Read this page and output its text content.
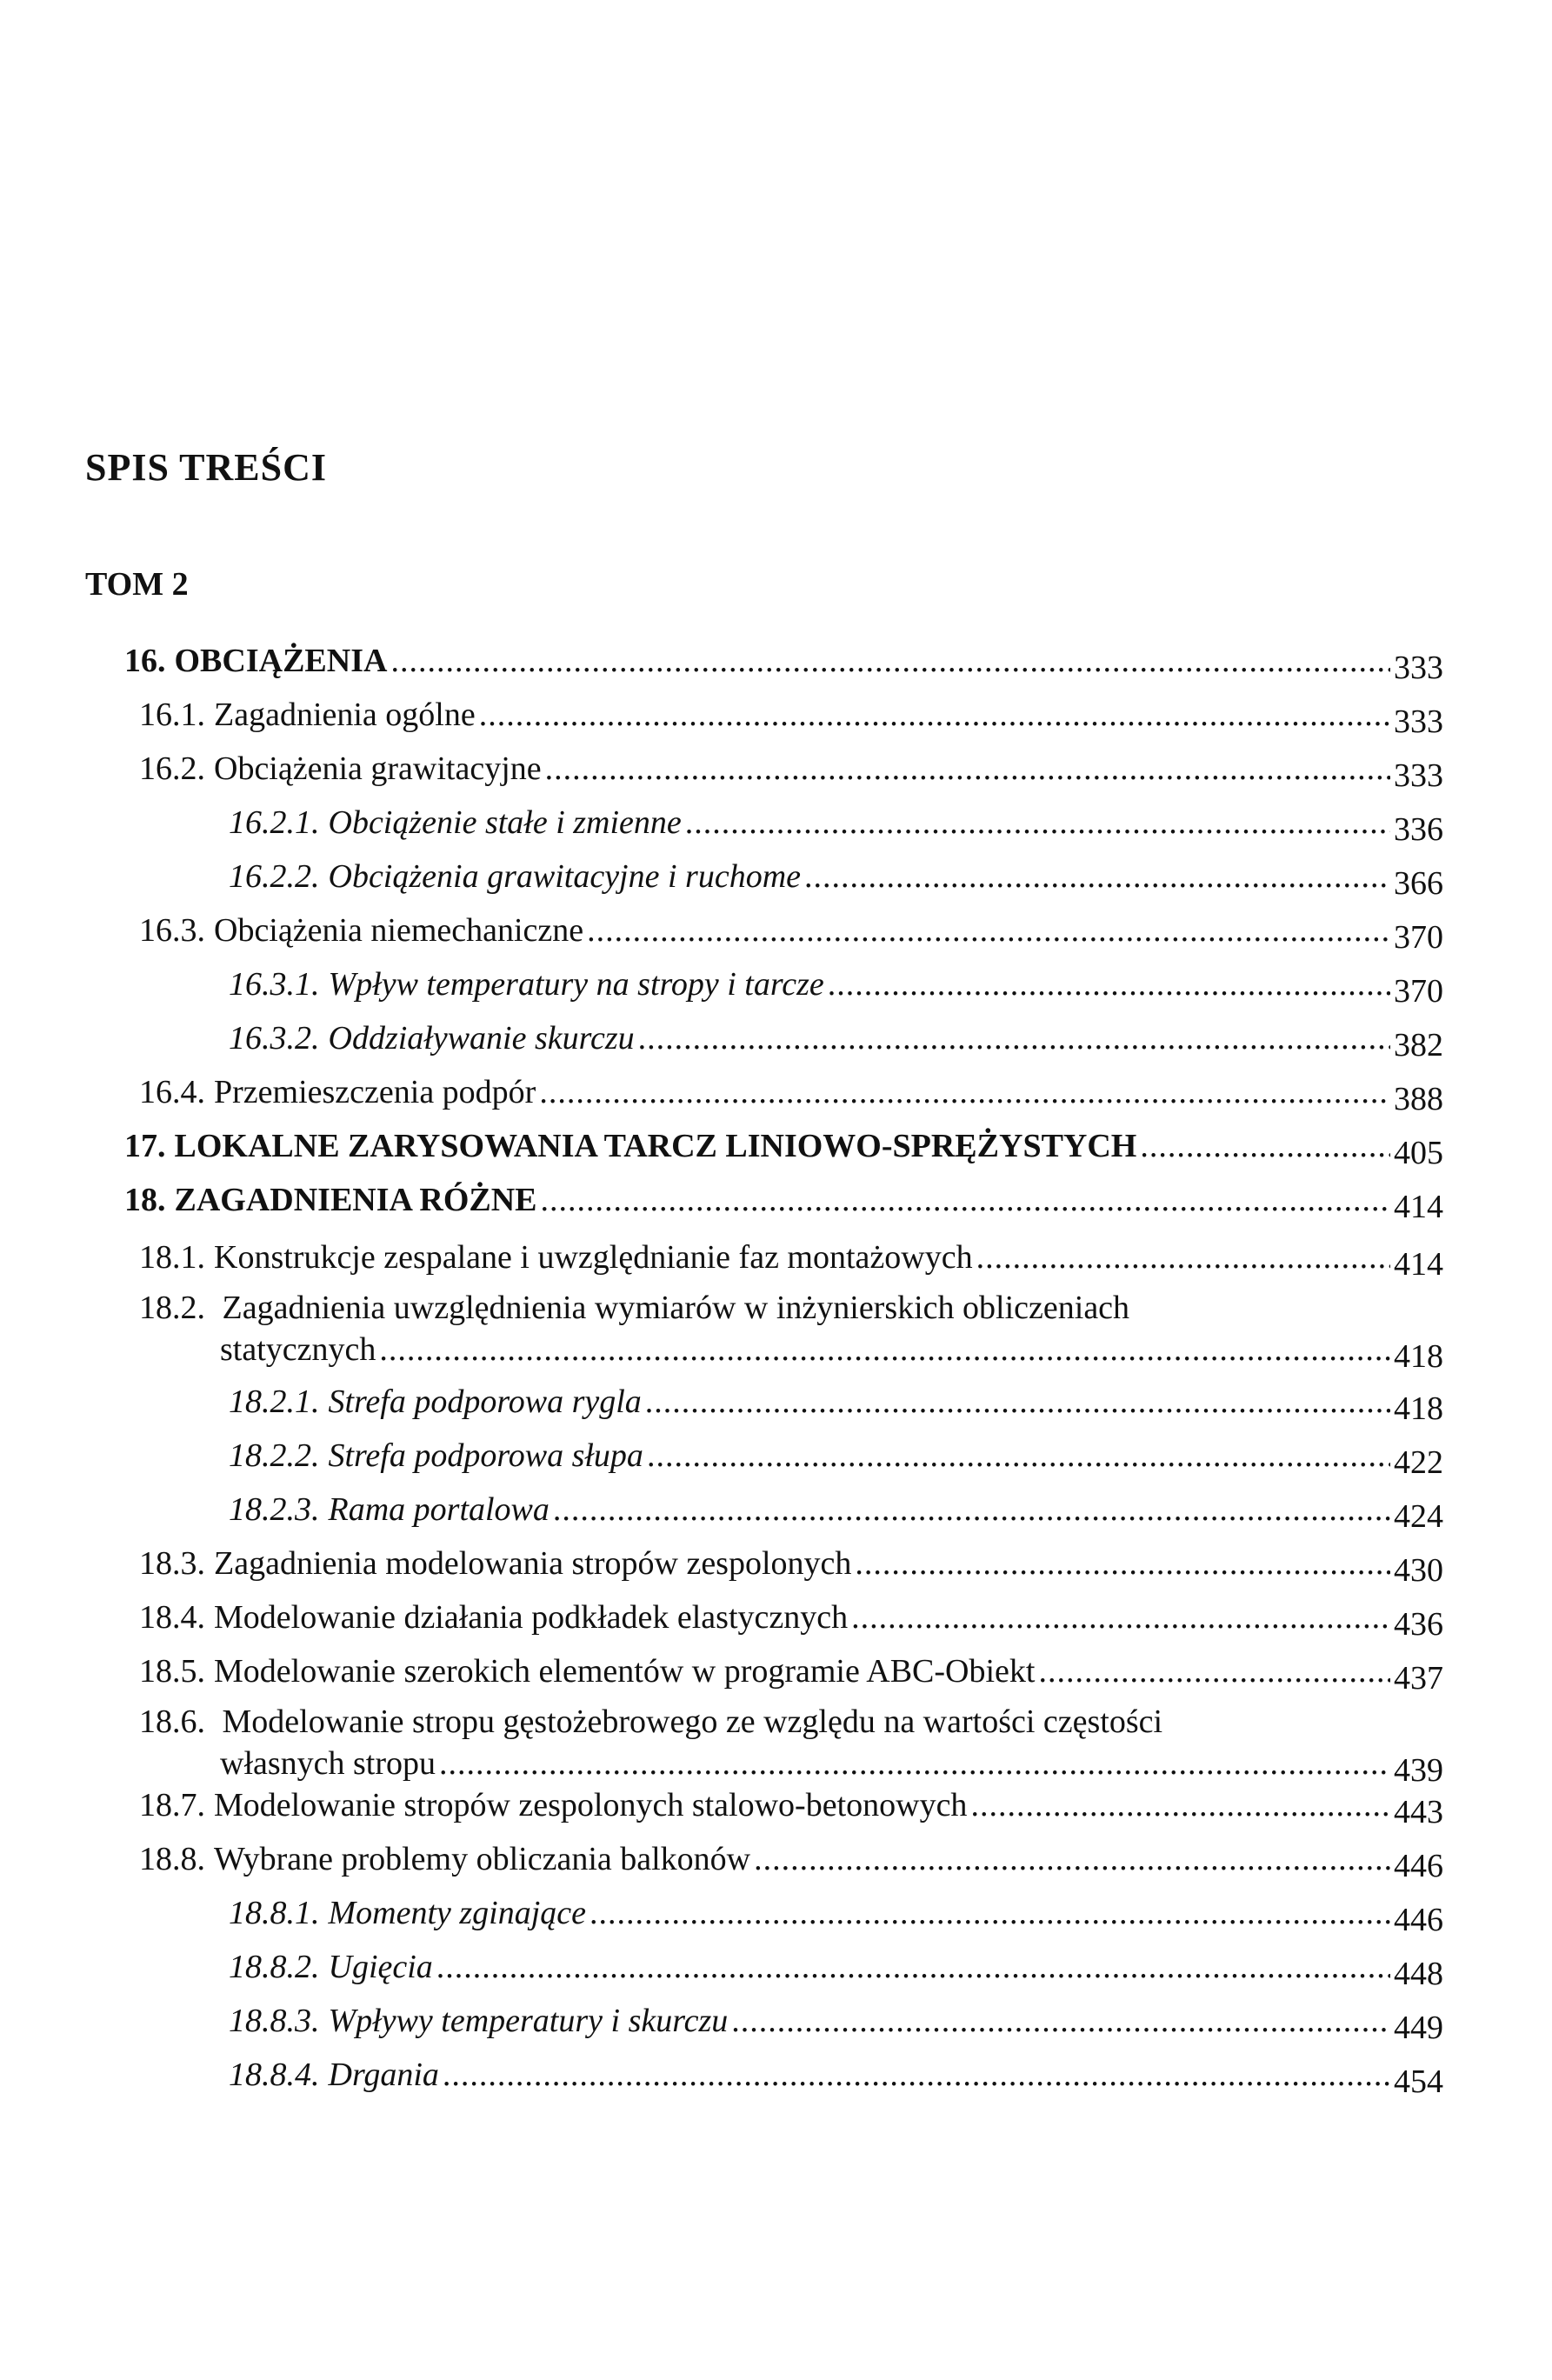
SPIS TREŚCI
TOM 2
16. OBCIĄŻENIA .....	333
16.1. Zagadnienia ogólne .....	333
16.2. Obciążenia grawitacyjne .....	333
16.2.1. Obciążenie stałe i zmienne .....	336
16.2.2. Obciążenia grawitacyjne i ruchome .....	366
16.3. Obciążenia niemechaniczne .....	370
16.3.1. Wpływ temperatury na stropy i tarcze .....	370
16.3.2. Oddziaływanie skurczu .....	382
16.4. Przemieszczenia podpór .....	388
17. LOKALNE ZARYSOWANIA TARCZ LINIOWO-SPRĘŻYSTYCH .....	405
18. ZAGADNIENIA RÓŻNE .....	414
18.1. Konstrukcje zespalane i uwzględnianie faz montażowych .....	414
18.2. Zagadnienia uwzględnienia wymiarów w inżynierskich obliczeniach
statycznych .....	418
18.2.1. Strefa podporowa rygla .....	418
18.2.2. Strefa podporowa słupa .....	422
18.2.3. Rama portalowa .....	424
18.3. Zagadnienia modelowania stropów zespolonych .....	430
18.4. Modelowanie działania podkładek elastycznych .....	436
18.5. Modelowanie szerokich elementów w programie ABC-Obiekt .....	437
18.6. Modelowanie stropu gęstożebrowego ze względu na wartości częstości
własnych stropu .....	439
18.7. Modelowanie stropów zespolonych stalowo-betonowych .....	443
18.8. Wybrane problemy obliczania balkonów .....	446
18.8.1. Momenty zginające .....	446
18.8.2. Ugięcia .....	448
18.8.3. Wpływy temperatury i skurczu .....	449
18.8.4. Drgania .....	454
